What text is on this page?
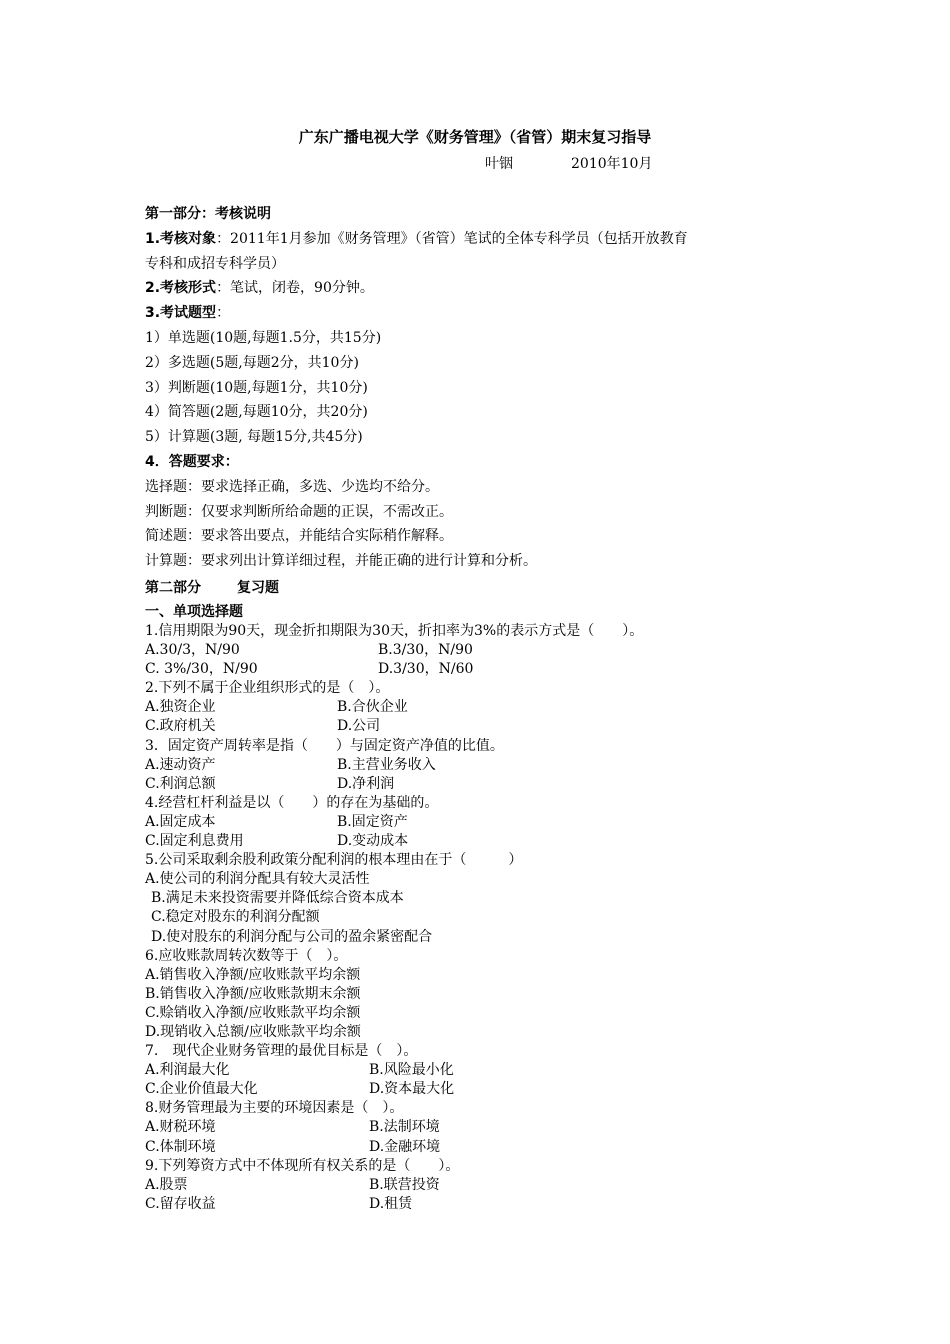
广东广播电视大学《财务管理》（省管）期末复习指导
叶铟	2010年10月
第一部分：考核说明
1.考核对象：2011年1月参加《财务管理》（省管）笔试的全体专科学员（包括开放教育
专科和成招专科学员）
2.考核形式：笔试，闭卷，90分钟。
3.考试题型：
1）单选题(10题,每题1.5分，共15分)
2）多选题(5题,每题2分，共10分)
3）判断题(10题,每题1分，共10分)
4）简答题(2题,每题10分，共20分)
5）计算题(3题, 每题15分,共45分)
4．答题要求：
选择题：要求选择正确，多选、少选均不给分。
判断题：仅要求判断所给命题的正误，不需改正。
简述题：要求答出要点，并能结合实际稍作解释。
计算题：要求列出计算详细过程，并能正确的进行计算和分析。
第二部分	复习题
一、单项选择题
1.信用期限为90天，现金折扣期限为30天，折扣率为3%的表示方式是（　　）。
A.30/3，N/90	B.3/30，N/90
C. 3%/30，N/90	D.3/30，N/60
2.下列不属于企业组织形式的是（　）。
A.独资企业	B.合伙企业
C.政府机关	D.公司
3．固定资产周转率是指（　　）与固定资产净值的比值。
A.速动资产	B.主营业务收入
C.利润总额	D.净利润
4.经营杠杆利益是以（　　）的存在为基础的。
A.固定成本	B.固定资产
C.固定利息费用	D.变动成本
5.公司采取剩余股利政策分配利润的根本理由在于（　　　）
A.使公司的利润分配具有较大灵活性
B.满足未来投资需要并降低综合资本成本
C.稳定对股东的利润分配额
D.使对股东的利润分配与公司的盈余紧密配合
6.应收账款周转次数等于（　）。
A.销售收入净额/应收账款平均余额
B.销售收入净额/应收账款期末余额
C.赊销收入净额/应收账款平均余额
D.现销收入总额/应收账款平均余额
7.　现代企业财务管理的最优目标是（　）。
A.利润最大化	B.风险最小化
C.企业价值最大化	D.资本最大化
8.财务管理最为主要的环境因素是（　）。
A.财税环境	B.法制环境
C.体制环境	D.金融环境
9.下列筹资方式中不体现所有权关系的是（　　）。
A.股票	B.联营投资
C.留存收益	D.租赁
